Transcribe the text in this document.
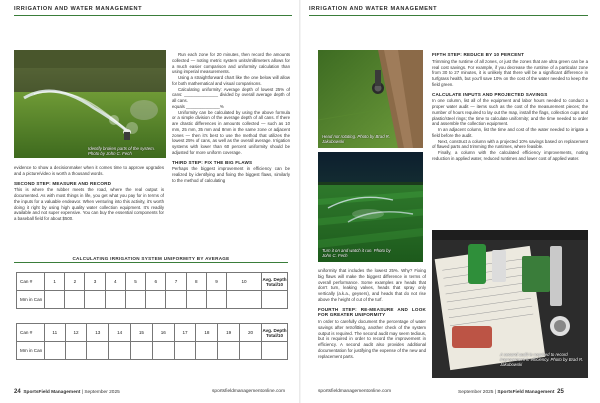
IRRIGATION AND WATER MANAGEMENT	IRRIGATION AND WATER MANAGEMENT
Identify broken parts of the system. Photo by John C. Fech

evidence to show a decisionmaker when it comes time to approve upgrades and a picture/video is worth a thousand words.

SECOND STEP: MEASURE AND RECORD

This is where the rubber meets the road, where the real output is documented. As with most things in life, you get what you pay for in terms of the inputs for a valuable endeavor. When venturing into this activity, it's worth doing it right by using high quality water collection equipment. It's readily available and not super expensive. You can buy the essential components for a baseball field for about $500.

Run each zone for 20 minutes, then record the amounts collected — noting metric system units/millimeters allows for a much easier comparison and uniformity calculation than using imperial measurements.

Using a straightforward chart like the one below will allow for both mathematical and visual comparisons.

Calculating uniformity: Average depth of lowest 25% of cans: ______________ divided by overall average depth of all cans.

equals ______________%

Uniformity can be calculated by using the above formula or a simple division of the average depth of all cans. If there are drastic differences in amounts collected — such as 10 mm, 25 mm, 35 mm and 8mm in the same zone or adjacent zones — then it's best to use the method that utilizes the lowest 25% of cans, as well as the overall average. Irrigation systems with lower than 60 percent uniformity should be adjusted for more uniform coverage.

THIRD STEP: FIX THE BIG FLAWS

Perhaps the biggest improvement in efficiency can be realized by identifying and fixing the biggest flaws, similarly to the method of calculating

CALCULATING IRRIGATION SYSTEM UNIFORMITY BY AVERAGE
Can #	1	2	3	4	5	6	7	8	9	10	Avg. Depth Total/10
Mm in Can											
Can #	11	12	13	14	15	16	17	18	19	20	Avg. Depth Total/10
Mm in Can											
Head not rotating. Photo by Brad R. Jakubowski
Turn it on and watch it run. Photo by John C. Fech

uniformity that includes the lowest 25%. Why? Fixing big flaws will make the biggest difference in terms of overall performance. Some examples are heads that don't turn, leaking valves, heads that spray only vertically (a.k.a., geysers), and heads that do not rise above the height of cut of the turf.

FOURTH STEP: RE-MEASURE AND LOOK FOR GREATER UNIFORMITY

In order to carefully document the percentage of water savings after retrofitting, another check of the system output is required. The second audit may seem tedious, but is required in order to record the improvement in efficiency. A second audit also provides additional documentation for justifying the expense of the new and replacement parts.

FIFTH STEP: REDUCE BY 10 PERCENT

Trimming the runtime of all zones, or just the zones that are ultra green can be a real cost savings. For example, if you decrease the runtime of a particular zone from 30 to 27 minutes, it is unlikely that there will be a significant difference in turfgrass health, but you'll save 10% on the cost of the water needed to keep the field green.

CALCULATE INPUTS AND PROJECTED SAVINGS

In one column, list all of the equipment and labor hours needed to conduct a proper water audit — items such as the cost of the measurement pieces; the number of hours required to lay out the map, install the flags, collection cups and plastic/steel rings; the time to calculate uniformity; and the time needed to order and assemble the collection equipment.

In an adjacent column, list the time and cost of the water needed to irrigate a field before the audit.

Next, construct a column with a projected 10% savings based on replacement of flawed parts and trimming the runtimes, where feasible.

Finally, a column with the calculated efficiency improvements, noting reduction in applied water, reduced runtimes and lower cost of applied water.

A second audit is required to record improvement in efficiency. Photo by Brad R. Jakubowski
24 SportsField Management | September 2025	sportsfieldmanagementonline.com	sportsfieldmanagementonline.com	September 2025 | SportsField Management 25
